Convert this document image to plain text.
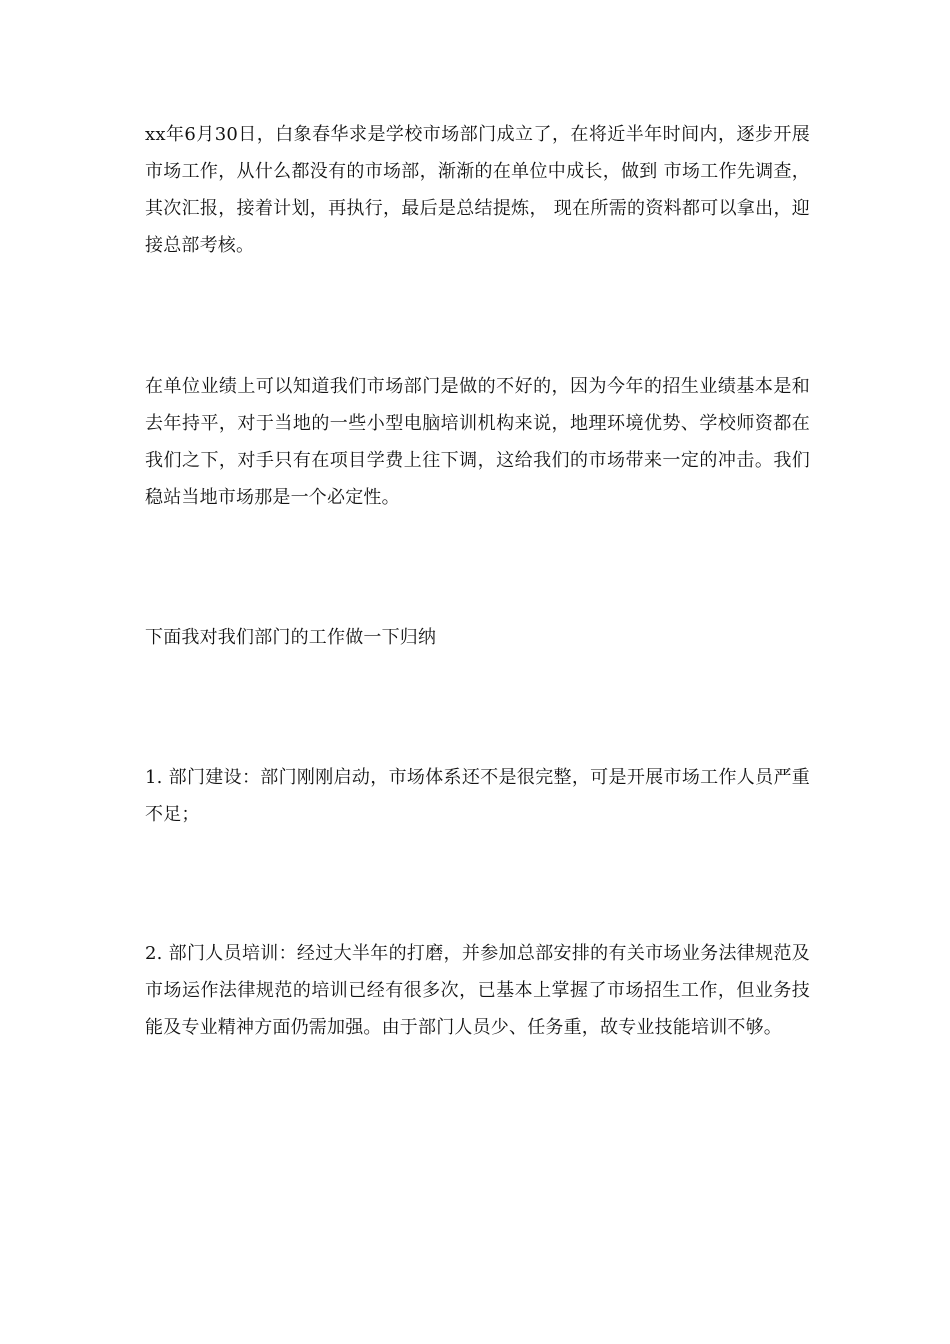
xx年6月30日，白象春华求是学校市场部门成立了，在将近半年时间内，逐步开展市场工作，从什么都没有的市场部，渐渐的在单位中成长，做到 市场工作先调查，其次汇报，接着计划，再执行，最后是总结提炼， 现在所需的资料都可以拿出，迎接总部考核。

在单位业绩上可以知道我们市场部门是做的不好的，因为今年的招生业绩基本是和去年持平，对于当地的一些小型电脑培训机构来说，地理环境优势、学校师资都在我们之下，对手只有在项目学费上往下调，这给我们的市场带来一定的冲击。我们稳站当地市场那是一个必定性。

下面我对我们部门的工作做一下归纳

1. 部门建设：部门刚刚启动，市场体系还不是很完整，可是开展市场工作人员严重不足；

2. 部门人员培训：经过大半年的打磨，并参加总部安排的有关市场业务法律规范及市场运作法律规范的培训已经有很多次，已基本上掌握了市场招生工作，但业务技能及专业精神方面仍需加强。由于部门人员少、任务重，故专业技能培训不够。
